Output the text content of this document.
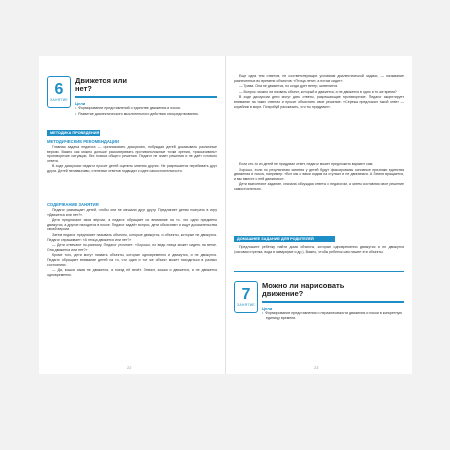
6
ЗАНЯТИЕ
Движется или нет?
Цели
• Формирование представлений о единстве движения и покоя.
• Развитие диалектического мыслительного действия опосредствования.
МЕТОДИКА ПРОВЕДЕНИЯ
МЕТОДИЧЕСКИЕ РЕКОМЕНДАЦИИ

Главная задача педагога — организовать дискуссию, побуждая детей доказывать различные версии. Важно как можно дольше рассматривать противоположные точки зрения, «раскачивать» противоречие ситуации, без поиска общего решения. Педагог не знает решения и не даёт готового ответа.

В ходе дискуссии педагог просит детей оценить мнения других. Не разрешается перебивать друг друга. Детей ненавязчиво, степенью ответов подводят к идее самостоятельности.

СОДЕРЖАНИЕ ЗАНЯТИЯ

Педагог размещает детей, чтобы они не мешали друг другу. Предлагает детям поиграть в игру «Движется или нет?».

Дети предлагают свои версии, а педагог обращает их внимание на то, что одни предметы движутся, а другие находятся в покое. Педагог задаёт вопрос, дети объясняют и ищут доказательства своей версии.

Затем педагог предлагает называть объекты, которые движутся, и объекты, которые не движутся. Педагог спрашивает: «А птица движется или нет?»

— Дети отвечают по-разному. Педагог уточняет: «Хорошо, но ведь птица может сидеть на ветке. Она движется или нет?»

Кроме того, дети могут назвать объекты, которые одновременно и движутся, и не движутся. Педагог обращает внимание детей на то, что один и тот же объект может находиться в разных состояниях.

— Да, кошка сама не движется, а поезд её везёт. Значит, кошка и движется, и не движется одновременно.

22

Еще одна тем ответов, не соответствующих условиям диалектической задачи, — называние разнесенных во времени объектов: «Птица летит, а потом сидит».

— Трава. Она не движется, но когда дует ветер, шевелится.

— Вопрос: можно ли назвать объект, который и движется, и не движется в одно и то же время?

В ходе дискуссии дети могут дать ответы, разрешающие противоречие. Педагог акцентирует внимание на таких ответах и просит объяснить свое решение: «Сережа предложил такой ответ — кораблик в море. Попробуй рассказать, что ты придумал».

Если кто-то из детей не придумал ответ, педагог может предложить вариант сам.

Хорошо, если по результатам занятия у детей будут фиксированы основные признаки единства движения и покоя, например: «Вот мы с вами сидим на стульях и не двигаемся. А Земля вращается, и мы вместе с ней движемся».

Дети выполняют задание, сначала обсуждая ответы с педагогом, а затем составляя свое решение самостоятельно.

ДОМАШНЕЕ ЗАДАНИЕ ДЛЯ РОДИТЕЛЕЙ

Предложите ребенку найти дома объекты, которые одновременно движутся и не движутся (часовая стрелка, вода в аквариуме и др.). Важно, чтобы ребенок сам нашел эти объекты.

7
ЗАНЯТИЕ
Можно ли нарисовать движение?
Цели
• Формирование представления о неразличимости движения и покоя в конкретную единицу времени.
23
